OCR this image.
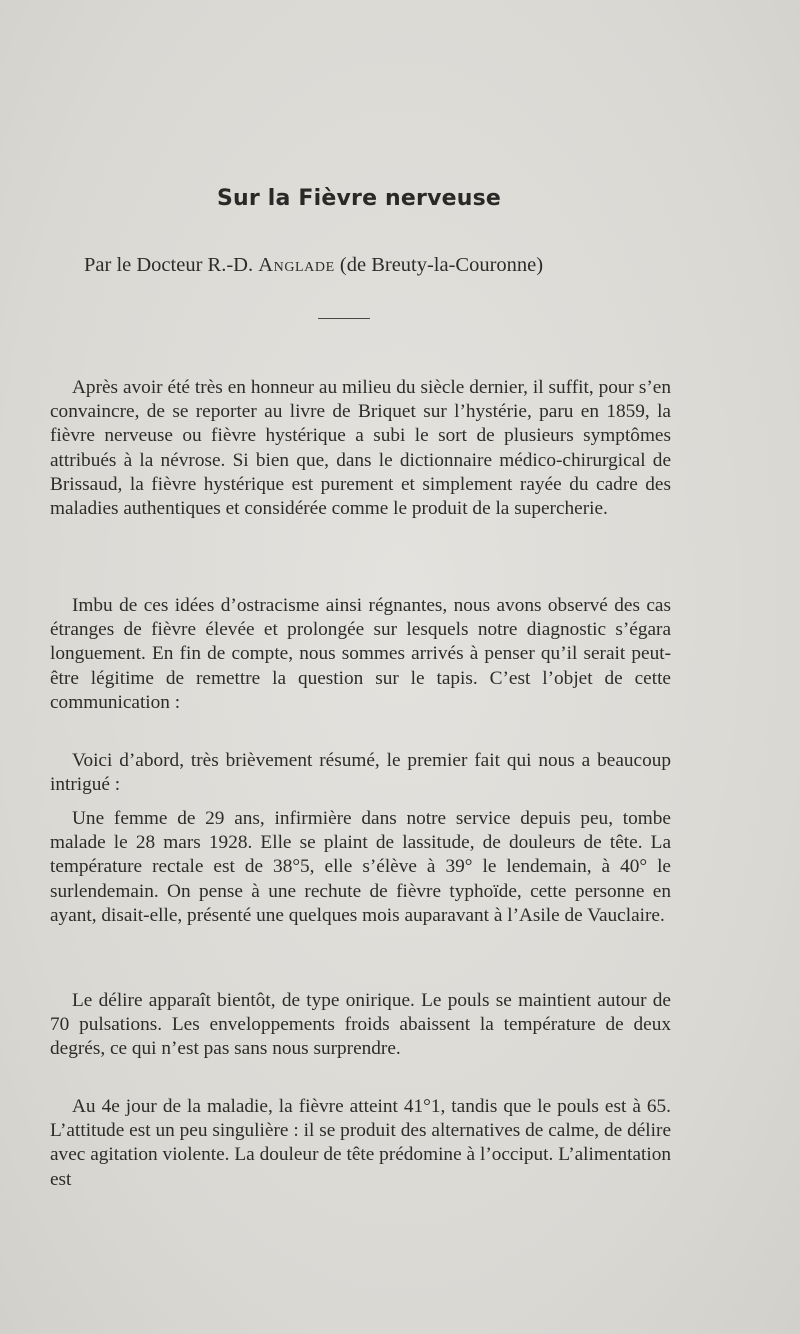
Sur la Fièvre nerveuse
Par le Docteur R.-D. Anglade (de Breuty-la-Couronne)

Après avoir été très en honneur au milieu du siècle dernier, il suffit, pour s’en convaincre, de se reporter au livre de Briquet sur l’hystérie, paru en 1859, la fièvre nerveuse ou fièvre hystérique a subi le sort de plusieurs symptômes attribués à la névrose. Si bien que, dans le dictionnaire médico-chirurgical de Brissaud, la fièvre hystérique est purement et simplement rayée du cadre des maladies authentiques et considérée comme le produit de la supercherie.

Imbu de ces idées d’ostracisme ainsi régnantes, nous avons observé des cas étranges de fièvre élevée et prolongée sur lesquels notre diagnostic s’égara longuement. En fin de compte, nous sommes arrivés à penser qu’il serait peut-être légitime de remettre la question sur le tapis. C’est l’objet de cette communication :

Voici d’abord, très brièvement résumé, le premier fait qui nous a beaucoup intrigué :

Une femme de 29 ans, infirmière dans notre service depuis peu, tombe malade le 28 mars 1928. Elle se plaint de lassitude, de douleurs de tête. La température rectale est de 38°5, elle s’élève à 39° le lendemain, à 40° le surlendemain. On pense à une rechute de fièvre typhoïde, cette personne en ayant, disait-elle, présenté une quelques mois auparavant à l’Asile de Vauclaire.

Le délire apparaît bientôt, de type onirique. Le pouls se maintient autour de 70 pulsations. Les enveloppements froids abaissent la température de deux degrés, ce qui n’est pas sans nous surprendre.

Au 4e jour de la maladie, la fièvre atteint 41°1, tandis que le pouls est à 65. L’attitude est un peu singulière : il se produit des alternatives de calme, de délire avec agitation violente. La douleur de tête prédomine à l’occiput. L’alimentation est
